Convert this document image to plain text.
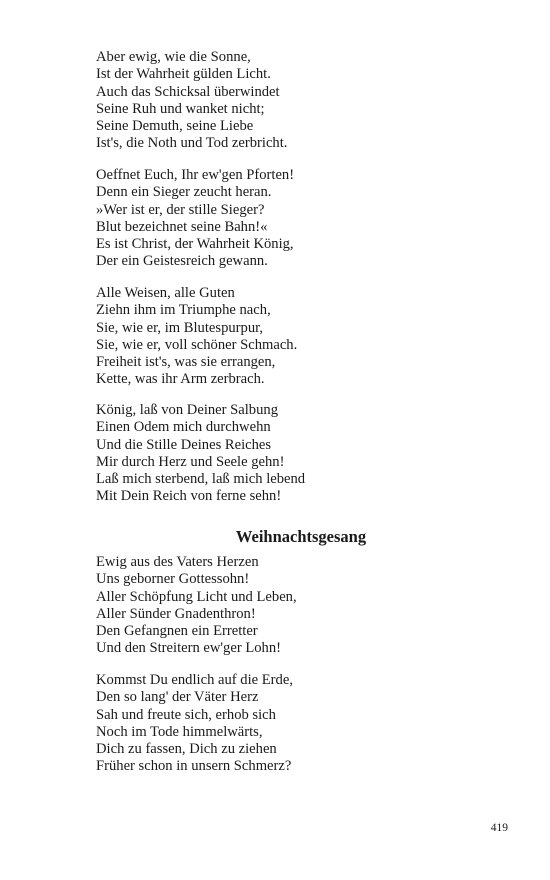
Aber ewig, wie die Sonne,
Ist der Wahrheit gülden Licht.
Auch das Schicksal überwindet
Seine Ruh und wanket nicht;
Seine Demuth, seine Liebe
Ist's, die Noth und Tod zerbricht.
Oeffnet Euch, Ihr ew'gen Pforten!
Denn ein Sieger zeucht heran.
»Wer ist er, der stille Sieger?
Blut bezeichnet seine Bahn!«
Es ist Christ, der Wahrheit König,
Der ein Geistesreich gewann.
Alle Weisen, alle Guten
Ziehn ihm im Triumphe nach,
Sie, wie er, im Blutespurpur,
Sie, wie er, voll schöner Schmach.
Freiheit ist's, was sie errangen,
Kette, was ihr Arm zerbrach.
König, laß von Deiner Salbung
Einen Odem mich durchwehn
Und die Stille Deines Reiches
Mir durch Herz und Seele gehn!
Laß mich sterbend, laß mich lebend
Mit Dein Reich von ferne sehn!
Weihnachtsgesang
Ewig aus des Vaters Herzen
Uns geborner Gottessohn!
Aller Schöpfung Licht und Leben,
Aller Sünder Gnadenthron!
Den Gefangnen ein Erretter
Und den Streitern ew'ger Lohn!
Kommst Du endlich auf die Erde,
Den so lang' der Väter Herz
Sah und freute sich, erhob sich
Noch im Tode himmelwärts,
Dich zu fassen, Dich zu ziehen
Früher schon in unsern Schmerz?
419
